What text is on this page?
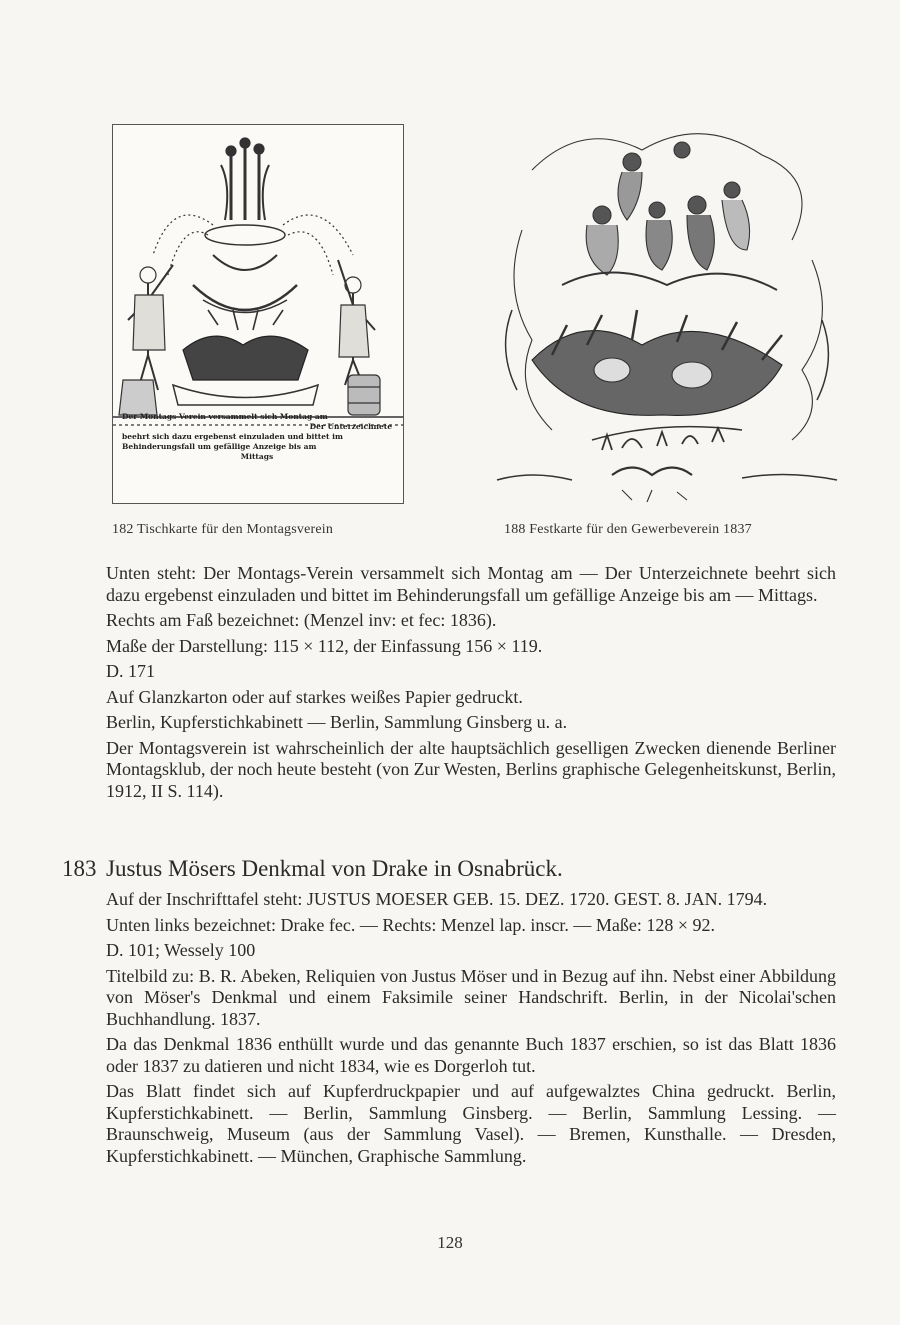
Der Montags-Verein versammelt sich Montag am
Der Unterzeichnete
beehrt sich dazu ergebenst einzuladen und bittet im
Behinderungsfall um gefällige Anzeige bis am
Mittags
182 Tischkarte für den Montagsverein	188 Festkarte für den Gewerbeverein 1837

Unten steht: Der Montags-Verein versammelt sich Montag am — Der Unterzeichnete beehrt sich dazu ergebenst einzuladen und bittet im Behinderungsfall um gefällige Anzeige bis am — Mittags.

Rechts am Faß bezeichnet: (Menzel inv: et fec: 1836).

Maße der Darstellung: 115 × 112, der Einfassung 156 × 119.

D. 171

Auf Glanzkarton oder auf starkes weißes Papier gedruckt.

Berlin, Kupferstichkabinett — Berlin, Sammlung Ginsberg u. a.

Der Montagsverein ist wahrscheinlich der alte hauptsächlich geselligen Zwecken dienende Berliner Montagsklub, der noch heute besteht (von Zur Westen, Berlins graphische Gelegenheitskunst, Berlin, 1912, II S. 114).

183 Justus Mösers Denkmal von Drake in Osnabrück.

Auf der Inschrifttafel steht: JUSTUS MOESER GEB. 15. DEZ. 1720. GEST. 8. JAN. 1794.

Unten links bezeichnet: Drake fec. — Rechts: Menzel lap. inscr. — Maße: 128 × 92.

D. 101; Wessely 100

Titelbild zu: B. R. Abeken, Reliquien von Justus Möser und in Bezug auf ihn. Nebst einer Abbildung von Möser's Denkmal und einem Faksimile seiner Handschrift. Berlin, in der Nicolai'schen Buchhandlung. 1837.

Da das Denkmal 1836 enthüllt wurde und das genannte Buch 1837 erschien, so ist das Blatt 1836 oder 1837 zu datieren und nicht 1834, wie es Dorgerloh tut.

Das Blatt findet sich auf Kupferdruckpapier und auf aufgewalztes China gedruckt. Berlin, Kupferstichkabinett. — Berlin, Sammlung Ginsberg. — Berlin, Sammlung Lessing. — Braunschweig, Museum (aus der Sammlung Vasel). — Bremen, Kunsthalle. — Dresden, Kupferstichkabinett. — München, Graphische Sammlung.

128
